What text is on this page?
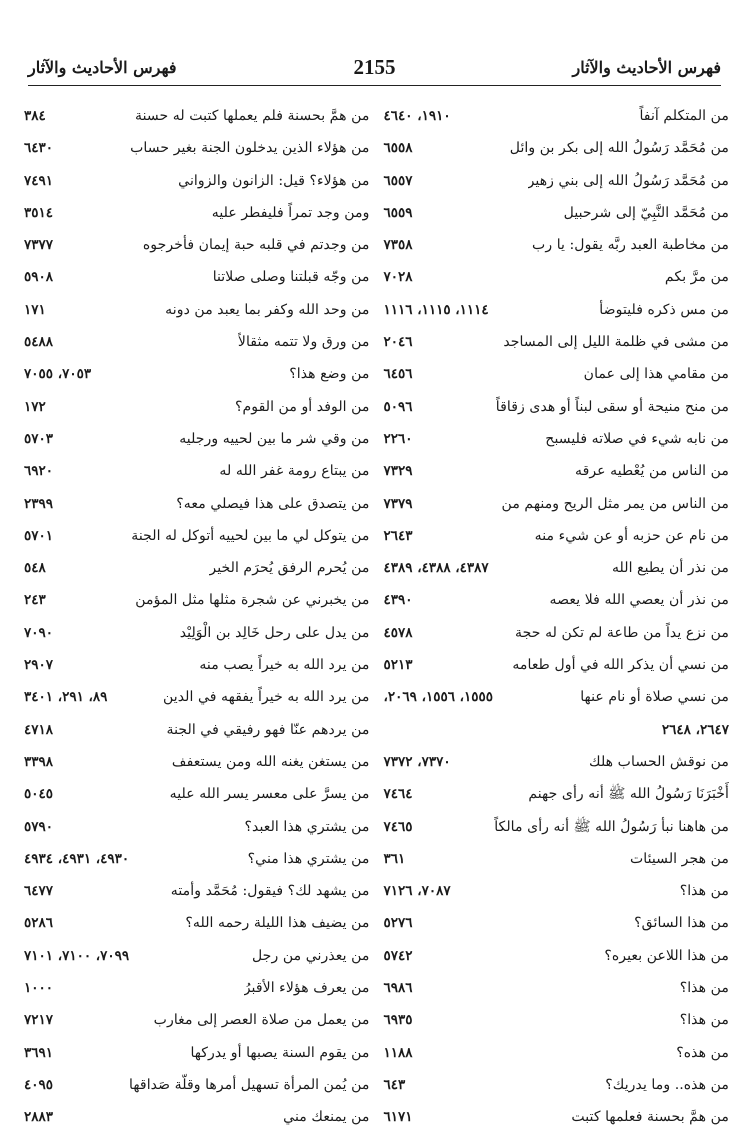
فهرس الأحاديث والآثار	2155	فهرس الأحاديث والآثار
من المتكلم آنفاً
١٩١٠، ٤٦٤٠
من مُحَمَّد رَسُولُ الله إلى بكر بن وائل
٦٥٥٨
من مُحَمَّد رَسُولُ الله إلى بني زهير
٦٥٥٧
من مُحَمَّد النَّبِيّ إلى شرحبيل
٦٥٥٩
من مخاطبة العبد ربَّه يقول: يا رب
٧٣٥٨
من مرَّ بكم
٧٠٢٨
من مس ذكره فليتوضأ
١١١٤، ١١١٥، ١١١٦
من مشى في ظلمة الليل إلى المساجد
٢٠٤٦
من مقامي هذا إلى عمان
٦٤٥٦
من منح منيحة أو سقى لبناً أو هدى زقاقاً
٥٠٩٦
من نابه شيء في صلاته فليسبح
٢٢٦٠
من الناس من يُعْطيه عرقه
٧٣٢٩
من الناس من يمر مثل الريح ومنهم من
٧٣٧٩
من نام عن حزبه أو عن شيء منه
٢٦٤٣
من نذر أن يطيع الله
٤٣٨٧، ٤٣٨٨، ٤٣٨٩
من نذر أن يعصي الله فلا يعصه
٤٣٩٠
من نزع يداً من طاعة لم تكن له حجة
٤٥٧٨
من نسي أن يذكر الله في أول طعامه
٥٢١٣
من نسي صلاة أو نام عنها
١٥٥٥، ١٥٥٦، ٢٠٦٩،
٢٦٤٧، ٢٦٤٨
من نوقش الحساب هلك
٧٣٧٠، ٧٣٧٢
أَخْبَرَنَا رَسُولُ الله ﷺ أنه رأى جهنم
٧٤٦٤
من هاهنا نبأ رَسُولُ الله ﷺ أنه رأى مالكاً
٧٤٦٥
من هجر السيئات
٣٦١
من هذا؟
٧٠٨٧، ٧١٢٦
من هذا السائق؟
٥٢٧٦
من هذا اللاعن بعيره؟
٥٧٤٢
من هذا؟
٦٩٨٦
من هذا؟
٦٩٣٥
من هذه؟
١١٨٨
من هذه.. وما يدريك؟
٦٤٣
من همَّ بحسنة فعلمها كتبت
٦١٧١
من همَّ بحسنة فلم يعملها كتبت له حسنة
٣٨٤
من هؤلاء الذين يدخلون الجنة بغير حساب
٦٤٣٠
من هؤلاء؟ قيل: الزانون والزواني
٧٤٩١
ومن وجد تمراً فليفطر عليه
٣٥١٤
من وجدتم في قلبه حبة إيمان فأخرجوه
٧٣٧٧
من وجّه قبلتنا وصلى صلاتنا
٥٩٠٨
من وحد الله وكفر بما يعبد من دونه
١٧١
من ورق ولا تتمه مثقالاً
٥٤٨٨
من وضع هذا؟
٧٠٥٣، ٧٠٥٥
من الوفد أو من القوم؟
١٧٢
من وقي شر ما بين لحييه ورجليه
٥٧٠٣
من يبتاع رومة غفر الله له
٦٩٢٠
من يتصدق على هذا فيصلي معه؟
٢٣٩٩
من يتوكل لي ما بين لحييه أتوكل له الجنة
٥٧٠١
من يُحرم الرفق يُحرَم الخير
٥٤٨
من يخبرني عن شجرة مثلها مثل المؤمن
٢٤٣
من يدل على رحل خَالِد بن الْوَلِيْد
٧٠٩٠
من يرد الله به خيراً يصب منه
٢٩٠٧
من يرد الله به خيراً يفقهه في الدين
٨٩، ٢٩١، ٣٤٠١
من يردهم عنّا فهو رفيقي في الجنة
٤٧١٨
من يستغن يغنه الله ومن يستعفف
٣٣٩٨
من يسرَّ على معسر يسر الله عليه
٥٠٤٥
من يشتري هذا العبد؟
٥٧٩٠
من يشتري هذا مني؟
٤٩٣٠، ٤٩٣١، ٤٩٣٤
من يشهد لك؟ فيقول: مُحَمَّد وأمته
٦٤٧٧
من يضيف هذا الليلة رحمه الله؟
٥٢٨٦
من يعذرني من رجل
٧٠٩٩، ٧١٠٠، ٧١٠١
من يعرف هؤلاء الأقبرُ
١٠٠٠
من يعمل من صلاة العصر إلى مغارب
٧٢١٧
من يقوم السنة يصبها أو يدركها
٣٦٩١
من يُمن المرأة تسهيل أمرها وقلّة صَداقها
٤٠٩٥
من يمنعك مني
٢٨٨٣
